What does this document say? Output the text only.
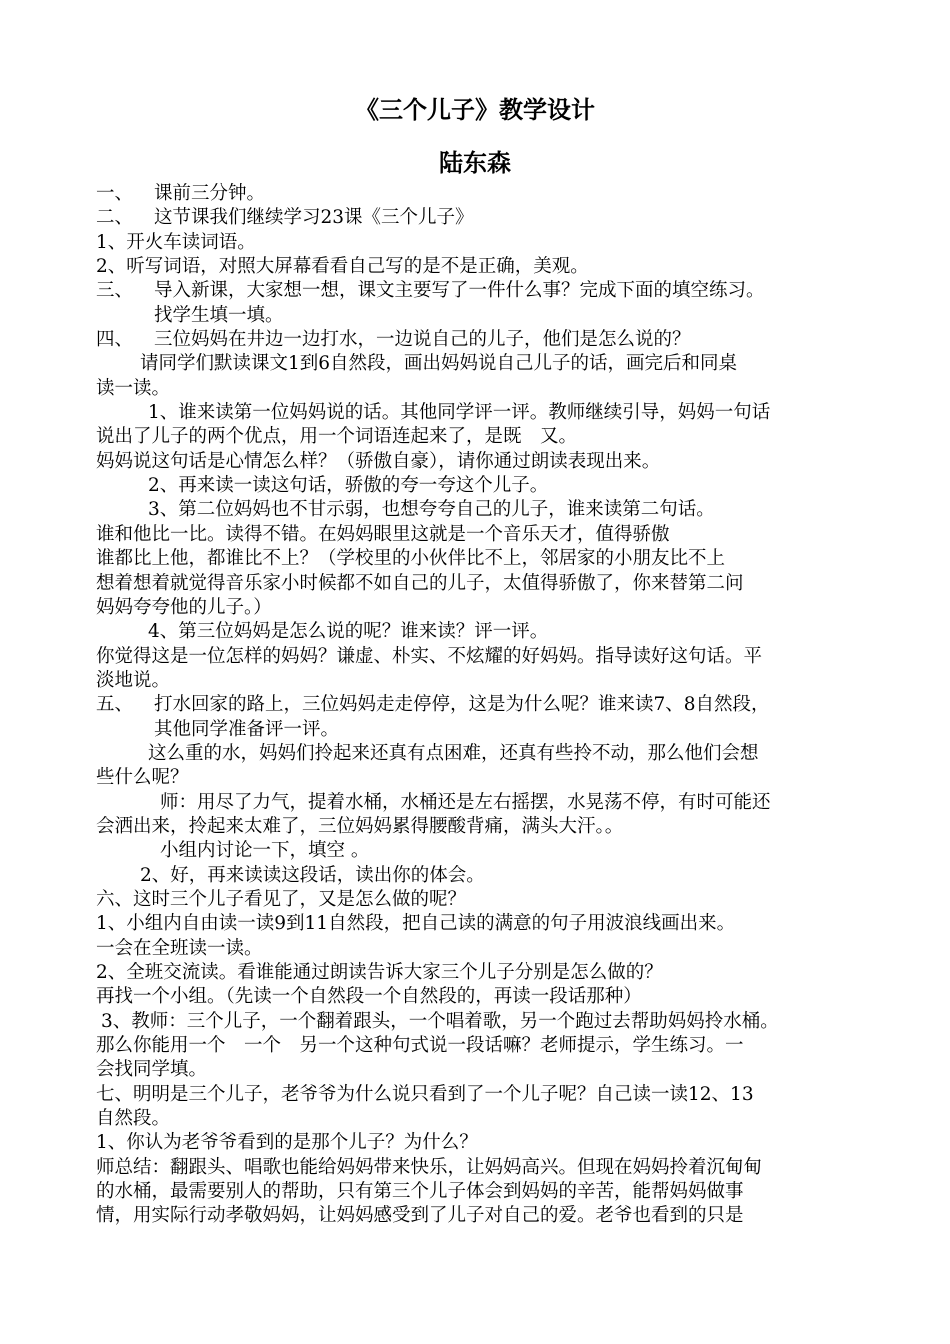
《三个儿子》教学设计
陆东森
一、 课前三分钟。
二、 这节课我们继续学习23课《三个儿子》
1、开火车读词语。
2、听写词语，对照大屏幕看看自己写的是不是正确，美观。
三、 导入新课，大家想一想，课文主要写了一件什么事？完成下面的填空练习。
找学生填一填。
四、 三位妈妈在井边一边打水，一边说自己的儿子，他们是怎么说的？
请同学们默读课文1到6自然段，画出妈妈说自己儿子的话，画完后和同桌
读一读。
1、谁来读第一位妈妈说的话。其他同学评一评。教师继续引导，妈妈一句话
说出了儿子的两个优点，用一个词语连起来了，是既　又。
妈妈说这句话是心情怎么样？（骄傲自豪），请你通过朗读表现出来。
2、再来读一读这句话，骄傲的夸一夸这个儿子。
3、第二位妈妈也不甘示弱，也想夸夸自己的儿子，谁来读第二句话。
谁和他比一比。读得不错。在妈妈眼里这就是一个音乐天才，值得骄傲
谁都比上他，都谁比不上？（学校里的小伙伴比不上，邻居家的小朋友比不上
想着想着就觉得音乐家小时候都不如自己的儿子，太值得骄傲了，你来替第二问
妈妈夸夸他的儿子。）
4、第三位妈妈是怎么说的呢？谁来读？评一评。
你觉得这是一位怎样的妈妈？谦虚、朴实、不炫耀的好妈妈。指导读好这句话。平
淡地说。
五、 打水回家的路上，三位妈妈走走停停，这是为什么呢？谁来读7、8自然段，
其他同学准备评一评。
这么重的水，妈妈们拎起来还真有点困难，还真有些拎不动，那么他们会想
些什么呢？
师：用尽了力气，提着水桶，水桶还是左右摇摆，水晃荡不停，有时可能还
会洒出来，拎起来太难了，三位妈妈累得腰酸背痛，满头大汗。。
小组内讨论一下，填空 。
2、好，再来读读这段话，读出你的体会。
六、这时三个儿子看见了，又是怎么做的呢？
1、小组内自由读一读9到11自然段，把自己读的满意的句子用波浪线画出来。
一会在全班读一读。
2、全班交流读。看谁能通过朗读告诉大家三个儿子分别是怎么做的？
再找一个小组。（先读一个自然段一个自然段的，再读一段话那种）
3、教师：三个儿子，一个翻着跟头，一个唱着歌，另一个跑过去帮助妈妈拎水桶。
那么你能用一个　一个　另一个这种句式说一段话嘛？老师提示，学生练习。一
会找同学填。
七、明明是三个儿子，老爷爷为什么说只看到了一个儿子呢？自己读一读12、13
自然段。
1、你认为老爷爷看到的是那个儿子？为什么？
师总结：翻跟头、唱歌也能给妈妈带来快乐，让妈妈高兴。但现在妈妈拎着沉甸甸
的水桶，最需要别人的帮助，只有第三个儿子体会到妈妈的辛苦，能帮妈妈做事
情，用实际行动孝敬妈妈，让妈妈感受到了儿子对自己的爱。老爷也看到的只是
